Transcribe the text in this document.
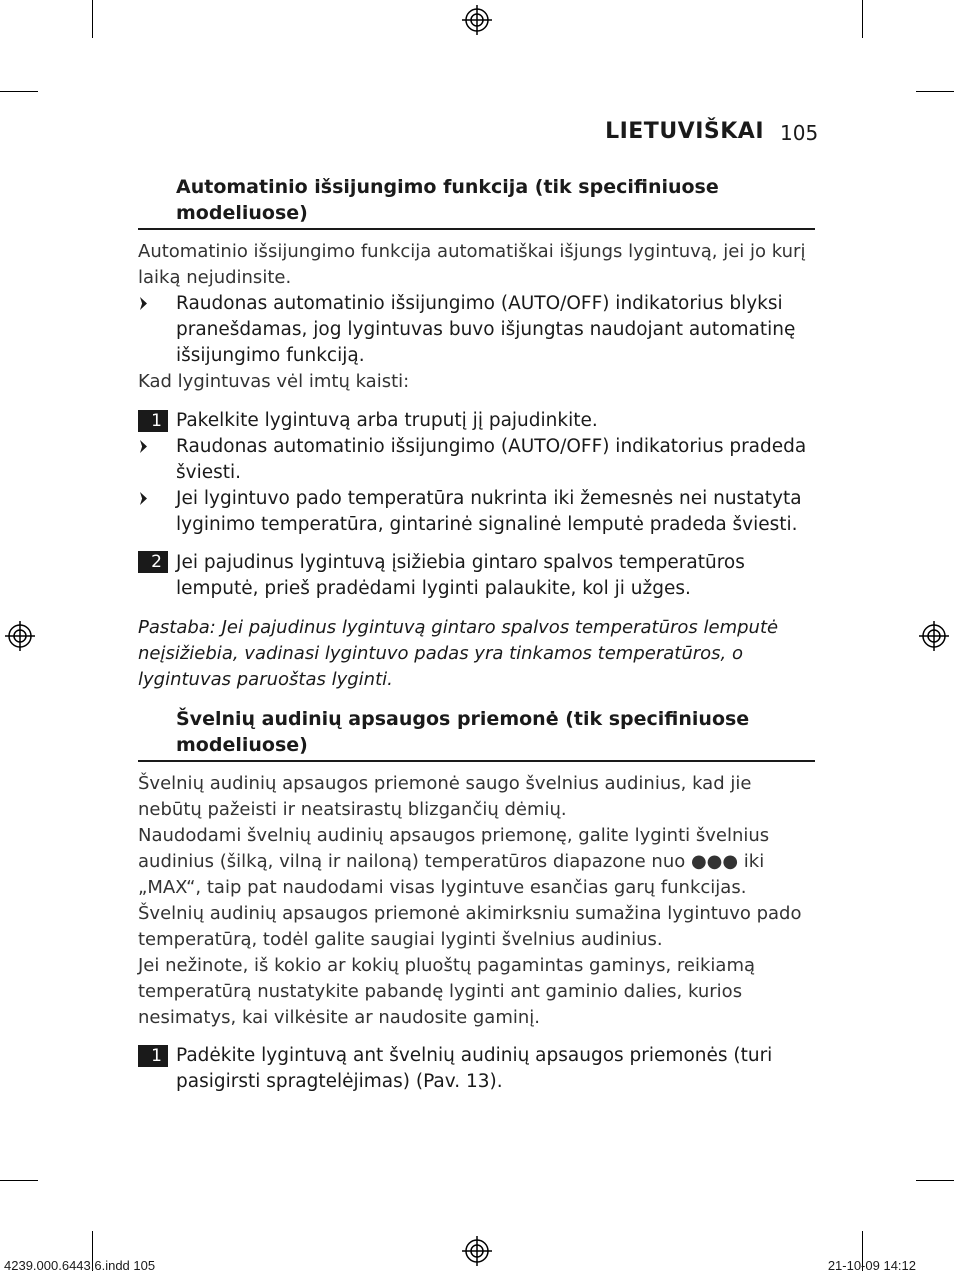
LIETUVIŠKAI 105
Automatinio išsijungimo funkcija (tik specifiniuose modeliuose)
Automatinio išsijungimo funkcija automatiškai išjungs lygintuvą, jei jo kurį laiką nejudinsite.
Raudonas automatinio išsijungimo (AUTO/OFF) indikatorius blyksi pranešdamas, jog lygintuvas buvo išjungtas naudojant automatinę išsijungimo funkciją.
Kad lygintuvas vėl imtų kaisti:
1 Pakelkite lygintuvą arba truputį jį pajudinkite.
Raudonas automatinio išsijungimo (AUTO/OFF) indikatorius pradeda šviesti.
Jei lygintuvo pado temperatūra nukrinta iki žemesnės nei nustatyta lyginimo temperatūra, gintarinė signalinė lemputė pradeda šviesti.
2 Jei pajudinus lygintuvą įsižiebia gintaro spalvos temperatūros lemputė, prieš pradėdami lyginti palaukite, kol ji užges.
Pastaba: Jei pajudinus lygintuvą gintaro spalvos temperatūros lemputė neįsižiebia, vadinasi lygintuvo padas yra tinkamos temperatūros, o lygintuvas paruoštas lyginti.
Švelnių audinių apsaugos priemonė (tik specifiniuose modeliuose)
Švelnių audinių apsaugos priemonė saugo švelnius audinius, kad jie nebūtų pažeisti ir neatsirastų blizgančių dėmių.
Naudodami švelnių audinių apsaugos priemonę, galite lyginti švelnius audinius (šilką, vilną ir nailoną) temperatūros diapazone nuo ●●● iki „MAX“, taip pat naudodami visas lygintuve esančias garų funkcijas.
Švelnių audinių apsaugos priemonė akimirksniu sumažina lygintuvo pado temperatūrą, todėl galite saugiai lyginti švelnius audinius.
Jei nežinote, iš kokio ar kokių pluoštų pagamintas gaminys, reikiamą temperatūrą nustatykite pabandę lyginti ant gaminio dalies, kurios nesimatys, kai vilkėsite ar naudosite gaminį.
1 Padėkite lygintuvą ant švelnių audinių apsaugos priemonės (turi pasigirsti spragtelėjimas) (Pav. 13).
4239.000.6443.6.indd 105	21-10-09 14:12
